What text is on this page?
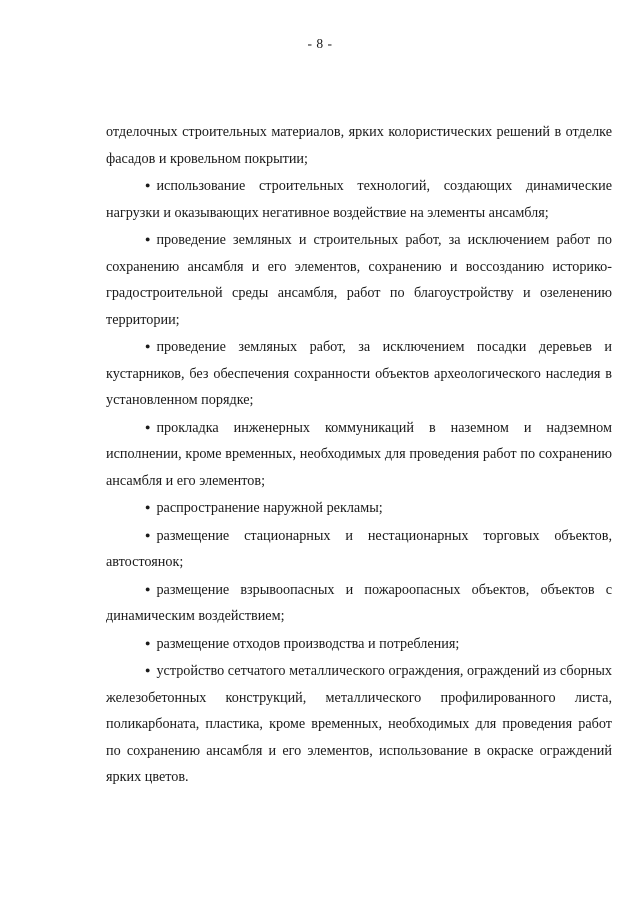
- 8 -

отделочных строительных материалов, ярких колористических решений в отделке фасадов и кровельном покрытии;

● использование строительных технологий, создающих динамические нагрузки и оказывающих негативное воздействие на элементы ансамбля;

● проведение земляных и строительных работ, за исключением работ по сохранению ансамбля и его элементов, сохранению и воссозданию историко-градостроительной среды ансамбля, работ по благоустройству и озеленению территории;

● проведение земляных работ, за исключением посадки деревьев и кустарников, без обеспечения сохранности объектов археологического наследия в установленном порядке;

● прокладка инженерных коммуникаций в наземном и надземном исполнении, кроме временных, необходимых для проведения работ по сохранению ансамбля и его элементов;

● распространение наружной рекламы;

● размещение стационарных и нестационарных торговых объектов, автостоянок;

● размещение взрывоопасных и пожароопасных объектов, объектов с динамическим воздействием;

● размещение отходов производства и потребления;

● устройство сетчатого металлического ограждения, ограждений из сборных железобетонных конструкций, металлического профилированного листа, поликарбоната, пластика, кроме временных, необходимых для проведения работ по сохранению ансамбля и его элементов, использование в окраске ограждений ярких цветов.
